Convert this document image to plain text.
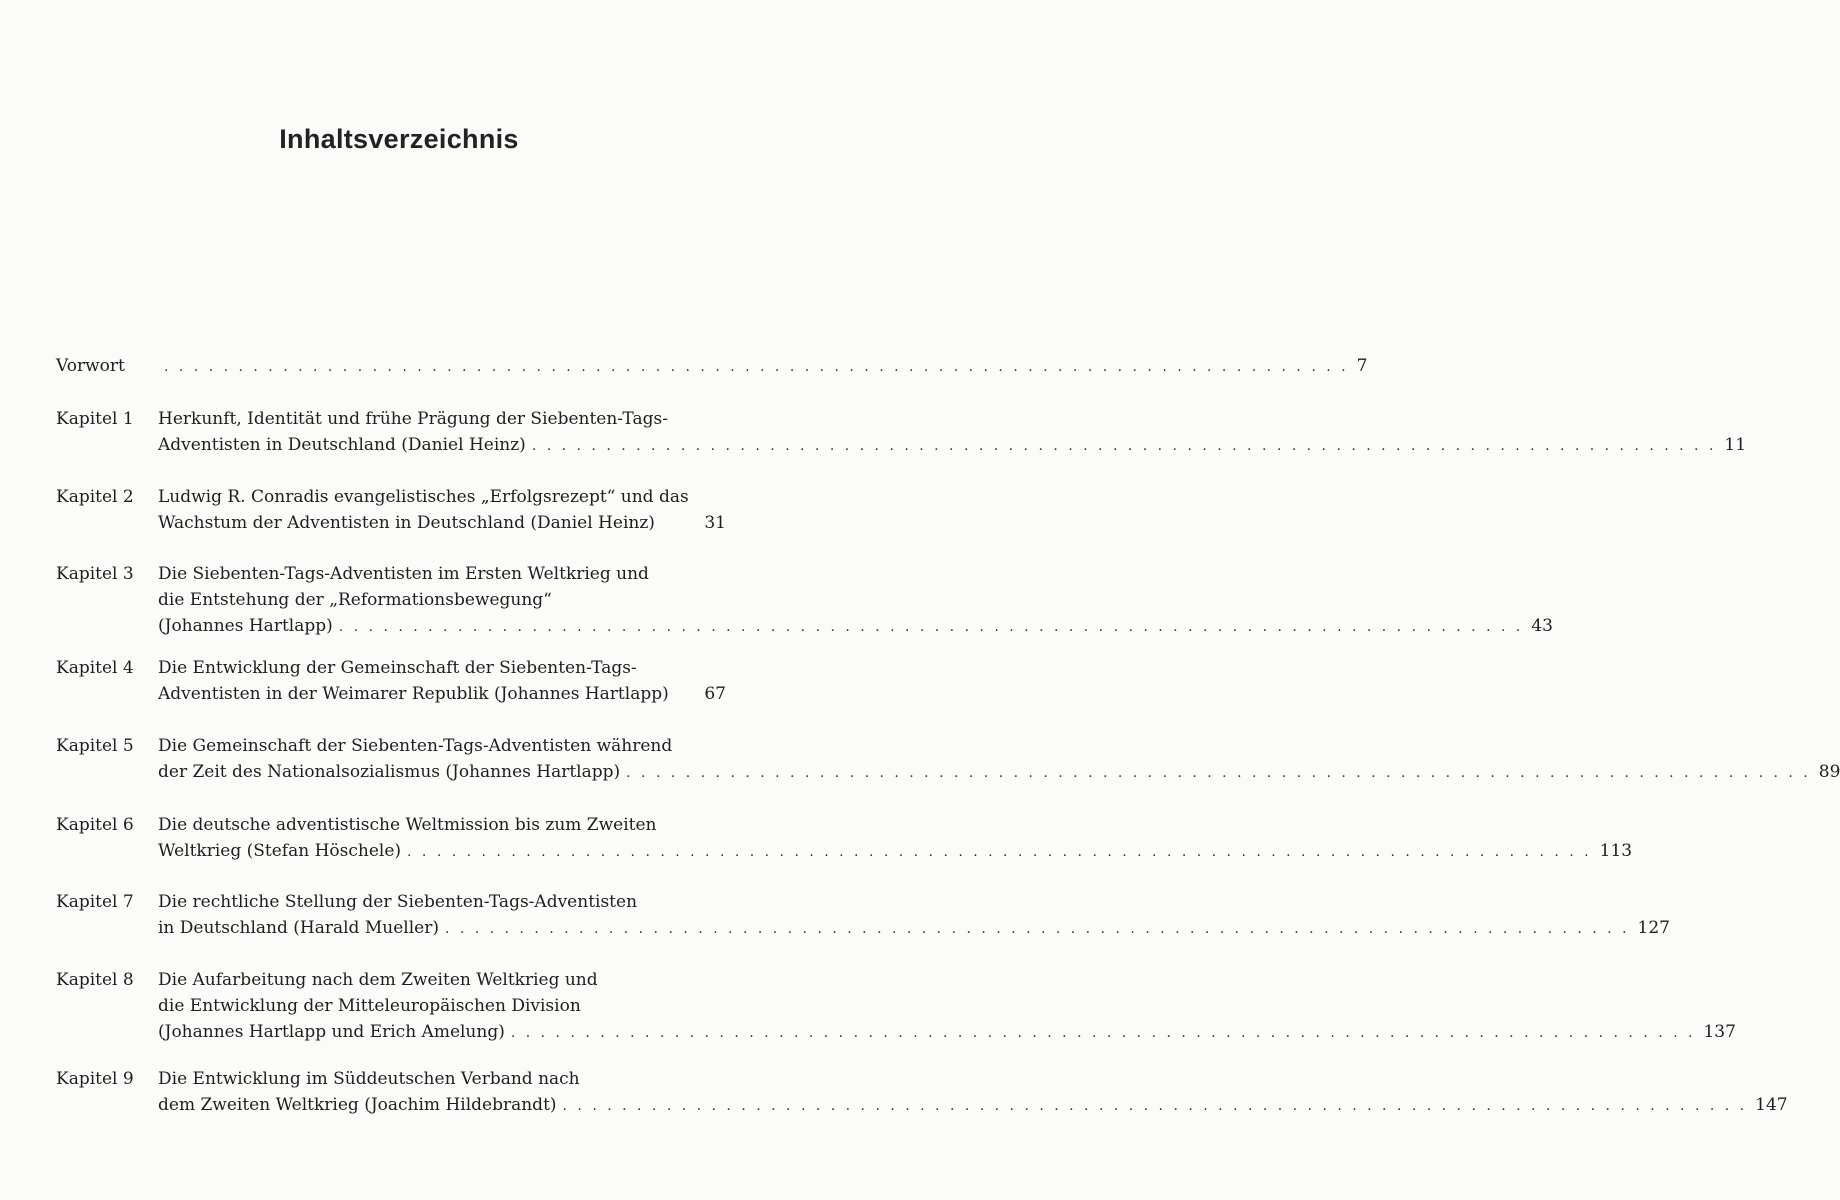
Inhaltsverzeichnis
Vorwort	. . . . . . . . . . . . . . . . . . . . . . . . . . . . . . . . . . . . . . . . . . . . . . . . . . . . . . . . . . . . . . . . . . . . . . . . . . . . . . . . 7
Kapitel 1 Herkunft, Identität und frühe Prägung der Siebenten-Tags-
Adventisten in Deutschland (Daniel Heinz) . . . . . . . . . . . . . . . . . . . . . . . . . . . . . . . . . . . . . . . . . . . . . . . . . . . . . . . . . . . . . . . . . . . . . . . . . . . . . . . . 11
Kapitel 2 Ludwig R. Conradis evangelistisches „Erfolgsrezept“ und das
Wachstum der Adventisten in Deutschland (Daniel Heinz)	31
Kapitel 3 Die Siebenten-Tags-Adventisten im Ersten Weltkrieg und
die Entstehung der „Reformationsbewegung“
(Johannes Hartlapp) . . . . . . . . . . . . . . . . . . . . . . . . . . . . . . . . . . . . . . . . . . . . . . . . . . . . . . . . . . . . . . . . . . . . . . . . . . . . . . . . 43
Kapitel 4 Die Entwicklung der Gemeinschaft der Siebenten-Tags-
Adventisten in der Weimarer Republik (Johannes Hartlapp) 67
Kapitel 5 Die Gemeinschaft der Siebenten-Tags-Adventisten während
der Zeit des Nationalsozialismus (Johannes Hartlapp) . . . . . . . . . . . . . . . . . . . . . . . . . . . . . . . . . . . . . . . . . . . . . . . . . . . . . . . . . . . . . . . . . . . . . . . . . . . . . . . . 89
Kapitel 6 Die deutsche adventistische Weltmission bis zum Zweiten
Weltkrieg (Stefan Höschele) . . . . . . . . . . . . . . . . . . . . . . . . . . . . . . . . . . . . . . . . . . . . . . . . . . . . . . . . . . . . . . . . . . . . . . . . . . . . . . . . 113
Kapitel 7 Die rechtliche Stellung der Siebenten-Tags-Adventisten
in Deutschland (Harald Mueller) . . . . . . . . . . . . . . . . . . . . . . . . . . . . . . . . . . . . . . . . . . . . . . . . . . . . . . . . . . . . . . . . . . . . . . . . . . . . . . . . 127
Kapitel 8 Die Aufarbeitung nach dem Zweiten Weltkrieg und
die Entwicklung der Mitteleuropäischen Division
(Johannes Hartlapp und Erich Amelung) . . . . . . . . . . . . . . . . . . . . . . . . . . . . . . . . . . . . . . . . . . . . . . . . . . . . . . . . . . . . . . . . . . . . . . . . . . . . . . . . 137
Kapitel 9 Die Entwicklung im Süddeutschen Verband nach
dem Zweiten Weltkrieg (Joachim Hildebrandt) . . . . . . . . . . . . . . . . . . . . . . . . . . . . . . . . . . . . . . . . . . . . . . . . . . . . . . . . . . . . . . . . . . . . . . . . . . . . . . . . 147
